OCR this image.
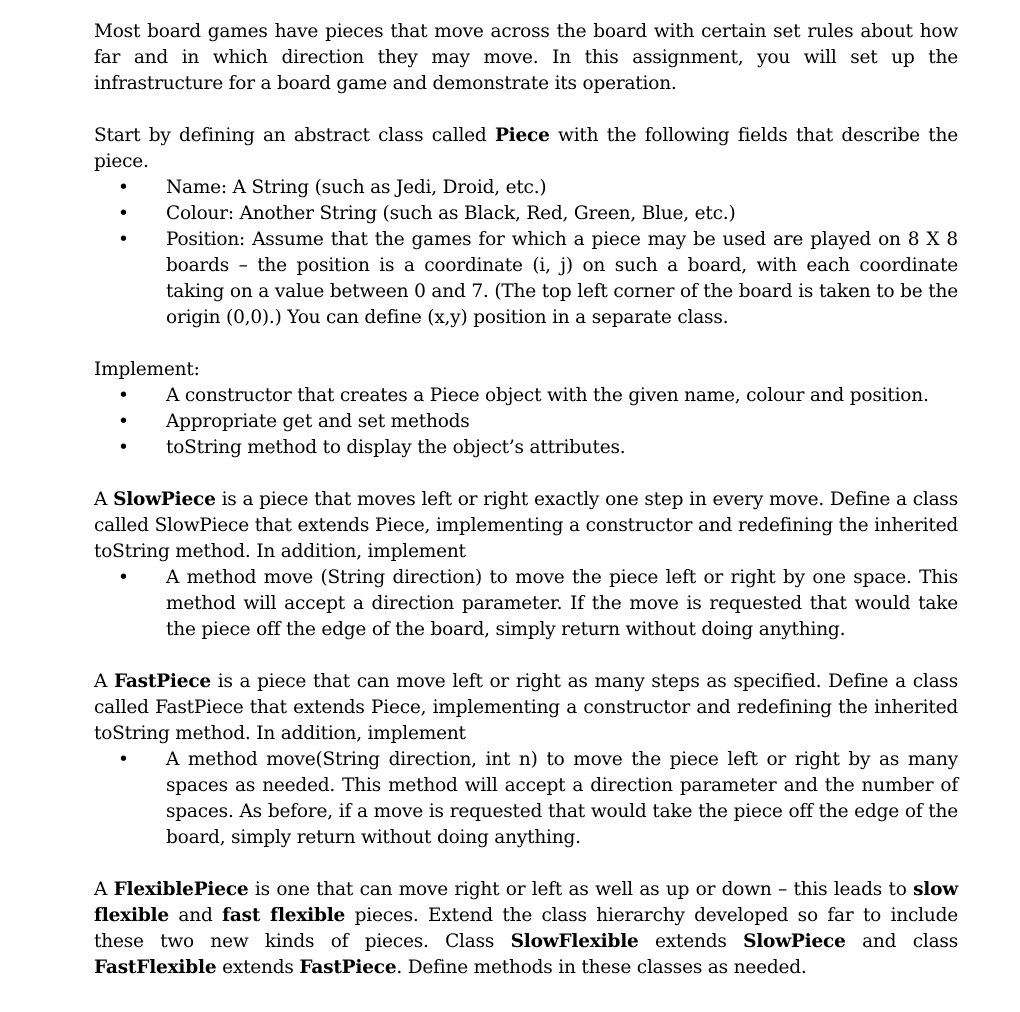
Most board games have pieces that move across the board with certain set rules about how far and in which direction they may move. In this assignment, you will set up the infrastructure for a board game and demonstrate its operation.

Start by defining an abstract class called Piece with the following fields that describe the piece.

• Name: A String (such as Jedi, Droid, etc.)
• Colour: Another String (such as Black, Red, Green, Blue, etc.)
• Position: Assume that the games for which a piece may be used are played on 8 X 8 boards – the position is a coordinate (i, j) on such a board, with each coordinate taking on a value between 0 and 7. (The top left corner of the board is taken to be the origin (0,0).) You can define (x,y) position in a separate class.

Implement:

• A constructor that creates a Piece object with the given name, colour and position.
• Appropriate get and set methods
• toString method to display the object’s attributes.

A SlowPiece is a piece that moves left or right exactly one step in every move. Define a class called SlowPiece that extends Piece, implementing a constructor and redefining the inherited toString method. In addition, implement

• A method move (String direction) to move the piece left or right by one space. This method will accept a direction parameter. If the move is requested that would take the piece off the edge of the board, simply return without doing anything.

A FastPiece is a piece that can move left or right as many steps as specified. Define a class called FastPiece that extends Piece, implementing a constructor and redefining the inherited toString method. In addition, implement

• A method move(String direction, int n) to move the piece left or right by as many spaces as needed. This method will accept a direction parameter and the number of spaces. As before, if a move is requested that would take the piece off the edge of the board, simply return without doing anything.

A FlexiblePiece is one that can move right or left as well as up or down – this leads to slow flexible and fast flexible pieces. Extend the class hierarchy developed so far to include these two new kinds of pieces. Class SlowFlexible extends SlowPiece and class FastFlexible extends FastPiece. Define methods in these classes as needed.
